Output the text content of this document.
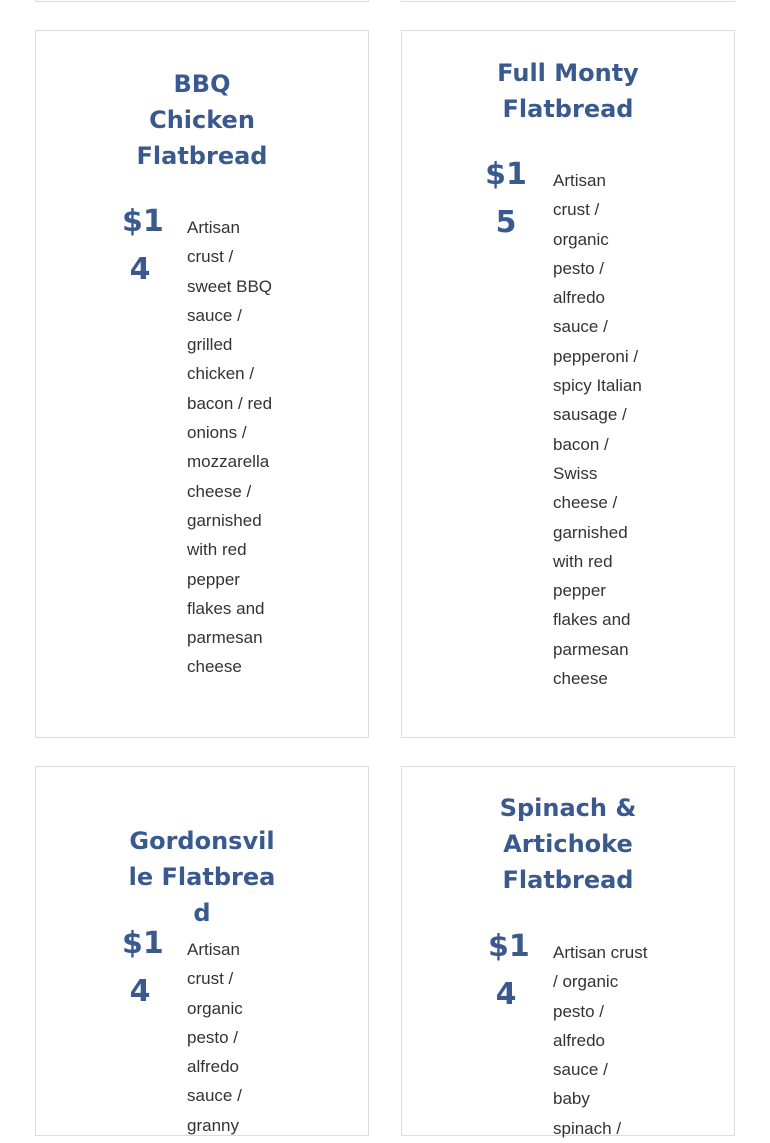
BBQ Chicken Flatbread
$14
Artisan crust / sweet BBQ sauce / grilled chicken / bacon / red onions / mozzarella cheese / garnished with red pepper flakes and parmesan cheese
Full Monty Flatbread
$15
Artisan crust / organic pesto / alfredo sauce / pepperoni / spicy Italian sausage / bacon / Swiss cheese / garnished with red pepper flakes and parmesan cheese
Gordonsville Flatbread
$14
Artisan crust / organic pesto / alfredo sauce / granny
Spinach & Artichoke Flatbread
$14
Artisan crust / organic pesto / alfredo sauce / baby spinach /
